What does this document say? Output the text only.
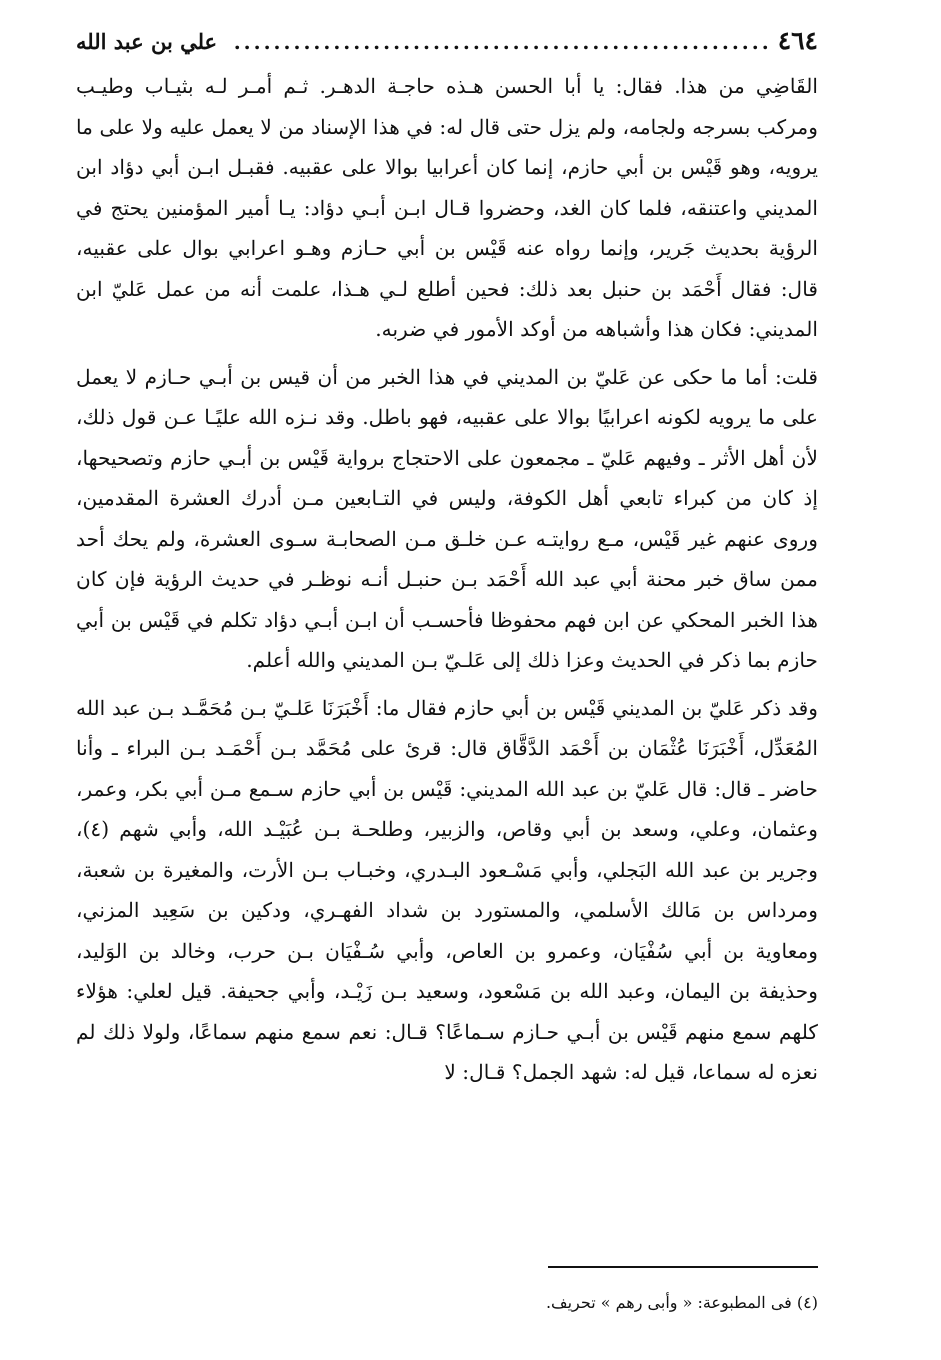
٤٦٤
......................................................
علي بن عبد الله

القَاضِي من هذا. فقال: يا أبا الحسن هـذه حاجـة الدهـر. ثـم أمـر لـه بثيـاب وطيـب ومركب بسرجه ولجامه، ولم يزل حتى قال له: في هذا الإسناد من لا يعمل عليه ولا على ما يرويه، وهو قَيْس بن أبي حازم، إنما كان أعرابيا بوالا على عقبيه. فقبـل ابـن أبي دؤاد ابن المديني واعتنقه، فلما كان الغد، وحضروا قـال ابـن أبـي دؤاد: يـا أمير المؤمنين يحتج في الرؤية بحديث جَرير، وإنما رواه عنه قَيْس بن أبي حـازم وهـو اعرابي بوال على عقبيه، قال: فقال أَحْمَد بن حنبل بعد ذلك: فحين أطلع لـي هـذا، علمت أنه من عمل عَليّ ابن المديني: فكان هذا وأشباهه من أوكد الأمور في ضربه.

قلت: أما ما حكى عن عَليّ بن المديني في هذا الخبر من أن قيس بن أبـي حـازم لا يعمل على ما يرويه لكونه اعرابيًا بوالا على عقبيه، فهو باطل. وقد نـزه الله عليًـا عـن قول ذلك، لأن أهل الأثر ـ وفيهم عَليّ ـ مجمعون على الاحتجاج برواية قَيْس بن أبـي حازم وتصحيحها، إذ كان من كبراء تابعي أهل الكوفة، وليس في التـابعين مـن أدرك العشرة المقدمين، وروى عنهم غير قَيْس، مـع روايتـه عـن خلـق مـن الصحابـة سـوى العشرة، ولم يحك أحد ممن ساق خبر محنة أبي عبد الله أَحْمَد بـن حنبـل أنـه نوظـر في حديث الرؤية فإن كان هذا الخبر المحكي عن ابن فهم محفوظا فأحسـب أن ابـن أبـي دؤاد تكلم في قَيْس بن أبي حازم بما ذكر في الحديث وعزا ذلك إلى عَلـيّ بـن المديني والله أعلم.

وقد ذكر عَليّ بن المديني قَيْس بن أبي حازم فقال ما: أَخْبَرَنَا عَلـيّ بـن مُحَمَّـد بـن عبد الله المُعَدِّل، أَخْبَرَنَا عُثْمَان بن أَحْمَد الدَّقَّاق قال: قرئ على مُحَمَّد بـن أَحْمَـد بـن البراء ـ وأنا حاضر ـ قال: قال عَليّ بن عبد الله المديني: قَيْس بن أبي حازم سـمع مـن أبي بكر، وعمر، وعثمان، وعلي، وسعد بن أبي وقاص، والزبير، وطلحـة بـن عُبَيْـد الله، وأبي شهم (٤)، وجرير بن عبد الله البَجلي، وأبي مَسْـعود البـدري، وخبـاب بـن الأرت، والمغيرة بن شعبة، ومرداس بن مَالك الأسلمي، والمستورد بن شداد الفهـري، ودكين بن سَعِيد المزني، ومعاوية بن أبي سُفْيَان، وعمرو بن العاص، وأبي سُـفْيَان بـن حرب، وخالد بن الوَليد، وحذيفة بن اليمان، وعبد الله بن مَسْعود، وسعيد بـن زَيْـد، وأبي جحيفة. قيل لعلي: هؤلاء كلهم سمع منهم قَيْس بن أبـي حـازم سـماعًا؟ قـال: نعم سمع منهم سماعًا، ولولا ذلك لم نعزه له سماعا، قيل له: شهد الجمل؟ قـال: لا

(٤) فى المطبوعة: « وأبى رهم » تحريف.
